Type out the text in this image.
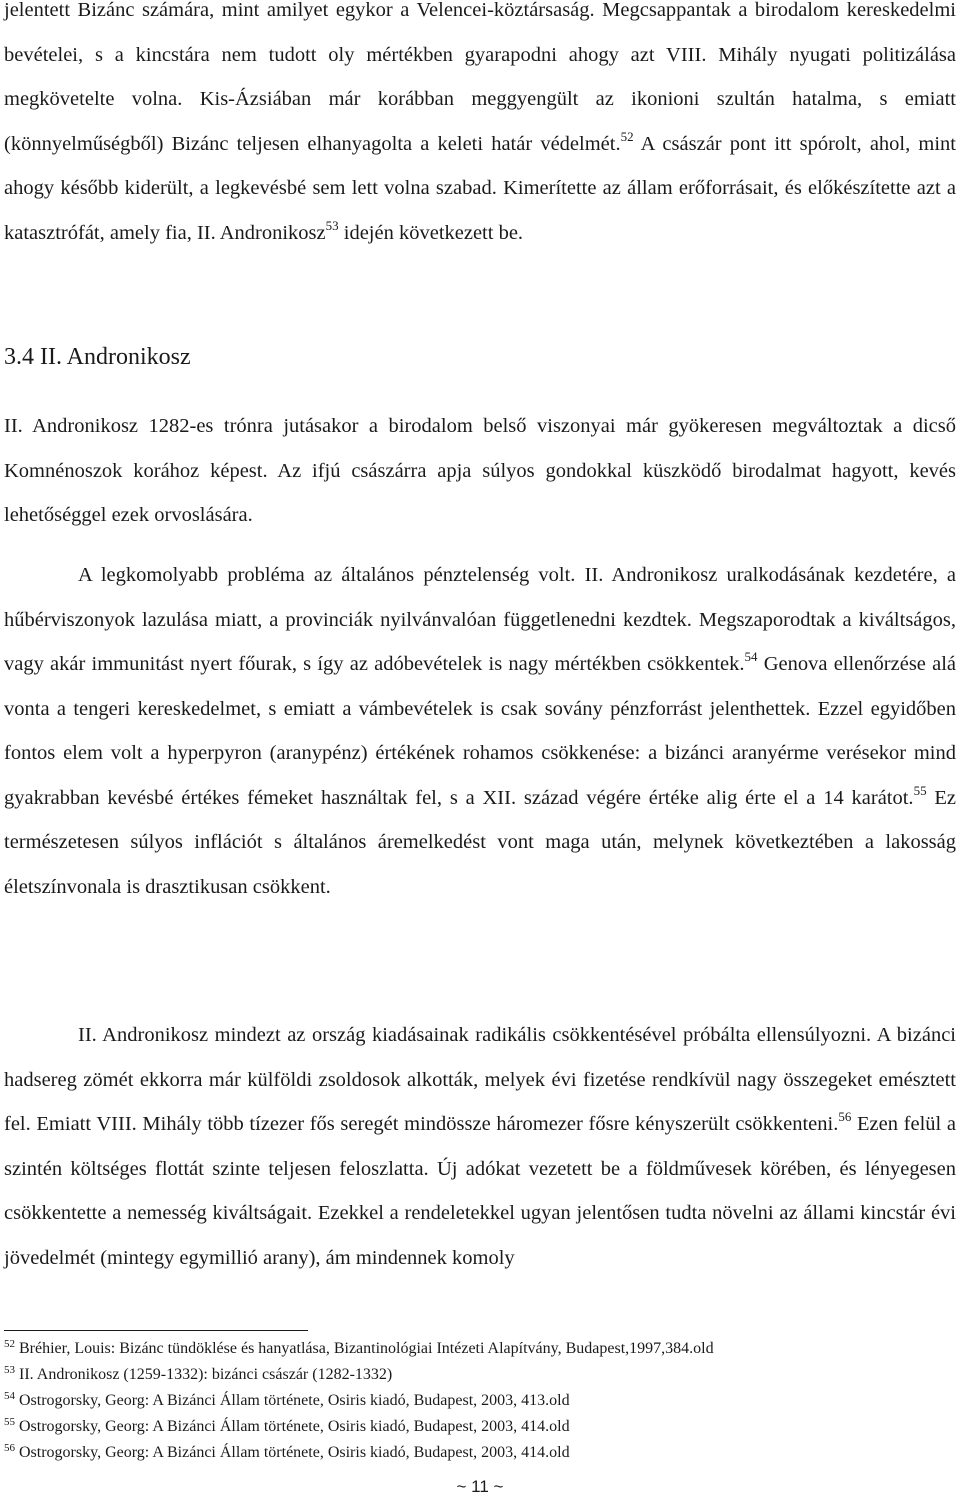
jelentett Bizánc számára, mint amilyet egykor a Velencei-köztársaság. Megcsappantak a birodalom kereskedelmi bevételei, s a kincstára nem tudott oly mértékben gyarapodni ahogy azt VIII. Mihály nyugati politizálása megkövetelte volna. Kis-Ázsiában már korábban meggyengült az ikonioni szultán hatalma, s emiatt (könnyelműségből) Bizánc teljesen elhanyagolta a keleti határ védelmét.$^{52}$ A császár pont itt spórolt, ahol, mint ahogy később kiderült, a legkevésbé sem lett volna szabad. Kimerítette az állam erőforrásait, és előkészítette azt a katasztrófát, amely fia, II. Andronikosz$^{53}$ idején következett be.

3.4 II. Andronikosz

II. Andronikosz 1282-es trónra jutásakor a birodalom belső viszonyai már gyökeresen megváltoztak a dicső Komnénoszok korához képest. Az ifjú császárra apja súlyos gondokkal küszködő birodalmat hagyott, kevés lehetőséggel ezek orvoslására.

A legkomolyabb probléma az általános pénztelenség volt. II. Andronikosz uralkodásának kezdetére, a hűbérviszonyok lazulása miatt, a provinciák nyilvánvalóan függetlenedni kezdtek. Megszaporodtak a kiváltságos, vagy akár immunitást nyert főurak, s így az adóbevételek is nagy mértékben csökkentek.$^{54}$ Genova ellenőrzése alá vonta a tengeri kereskedelmet, s emiatt a vámbevételek is csak sovány pénzforrást jelenthettek. Ezzel egyidőben fontos elem volt a hyperpyron (aranypénz) értékének rohamos csökkenése: a bizánci aranyérme verésekor mind gyakrabban kevésbé értékes fémeket használtak fel, s a XII. század végére értéke alig érte el a 14 karátot.$^{55}$ Ez természetesen súlyos inflációt s általános áremelkedést vont maga után, melynek következtében a lakosság életszínvonala is drasztikusan csökkent.

II. Andronikosz mindezt az ország kiadásainak radikális csökkentésével próbálta ellensúlyozni. A bizánci hadsereg zömét ekkorra már külföldi zsoldosok alkották, melyek évi fizetése rendkívül nagy összegeket emésztett fel. Emiatt VIII. Mihály több tízezer fős seregét mindössze háromezer fősre kényszerült csökkenteni.$^{56}$ Ezen felül a szintén költséges flottát szinte teljesen feloszlatta. Új adókat vezetett be a földművesek körében, és lényegesen csökkentette a nemesség kiváltságait. Ezekkel a rendeletekkel ugyan jelentősen tudta növelni az állami kincstár évi jövedelmét (mintegy egymillió arany), ám mindennek komoly

$^{52}$ Bréhier, Louis: Bizánc tündöklése és hanyatlása, Bizantinológiai Intézeti Alapítvány, Budapest,1997,384.old
$^{53}$ II. Andronikosz (1259-1332): bizánci császár (1282-1332)
$^{54}$ Ostrogorsky, Georg: A Bizánci Állam története, Osiris kiadó, Budapest, 2003, 413.old
$^{55}$ Ostrogorsky, Georg: A Bizánci Állam története, Osiris kiadó, Budapest, 2003, 414.old
$^{56}$ Ostrogorsky, Georg: A Bizánci Állam története, Osiris kiadó, Budapest, 2003, 414.old
~ 11 ~
